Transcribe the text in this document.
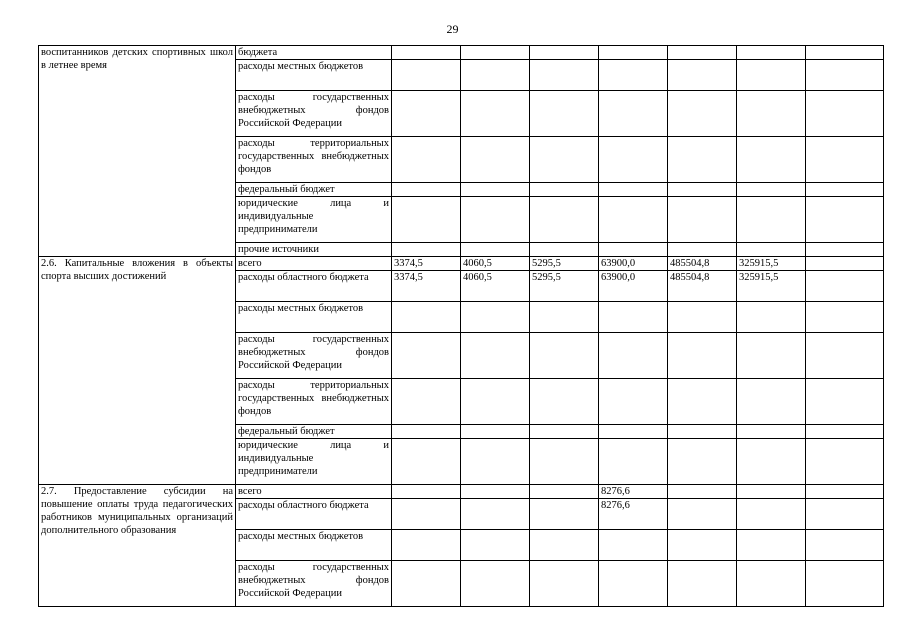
29
воспитанников детских спортивных школ в летнее время	бюджета							
	расходы местных бюджетов							
	расходы государственных внебюджетных фондов Российской Федерации							
	расходы территориальных государственных внебюджетных фондов							
	федеральный бюджет							
	юридические лица и индивидуальные предприниматели							
	прочие источники							
2.6. Капитальные вложения в объекты спорта высших достижений	всего	3374,5	4060,5	5295,5	63900,0	485504,8	325915,5	
	расходы областного бюджета	3374,5	4060,5	5295,5	63900,0	485504,8	325915,5	
	расходы местных бюджетов							
	расходы государственных внебюджетных фондов Российской Федерации							
	расходы территориальных государственных внебюджетных фондов							
	федеральный бюджет							
	юридические лица и индивидуальные предприниматели							
2.7. Предоставление субсидии на повышение оплаты труда педагогических работников муниципальных организаций дополнительного образования	всего				8276,6			
	расходы областного бюджета				8276,6			
	расходы местных бюджетов							
	расходы государственных внебюджетных фондов Российской Федерации							
